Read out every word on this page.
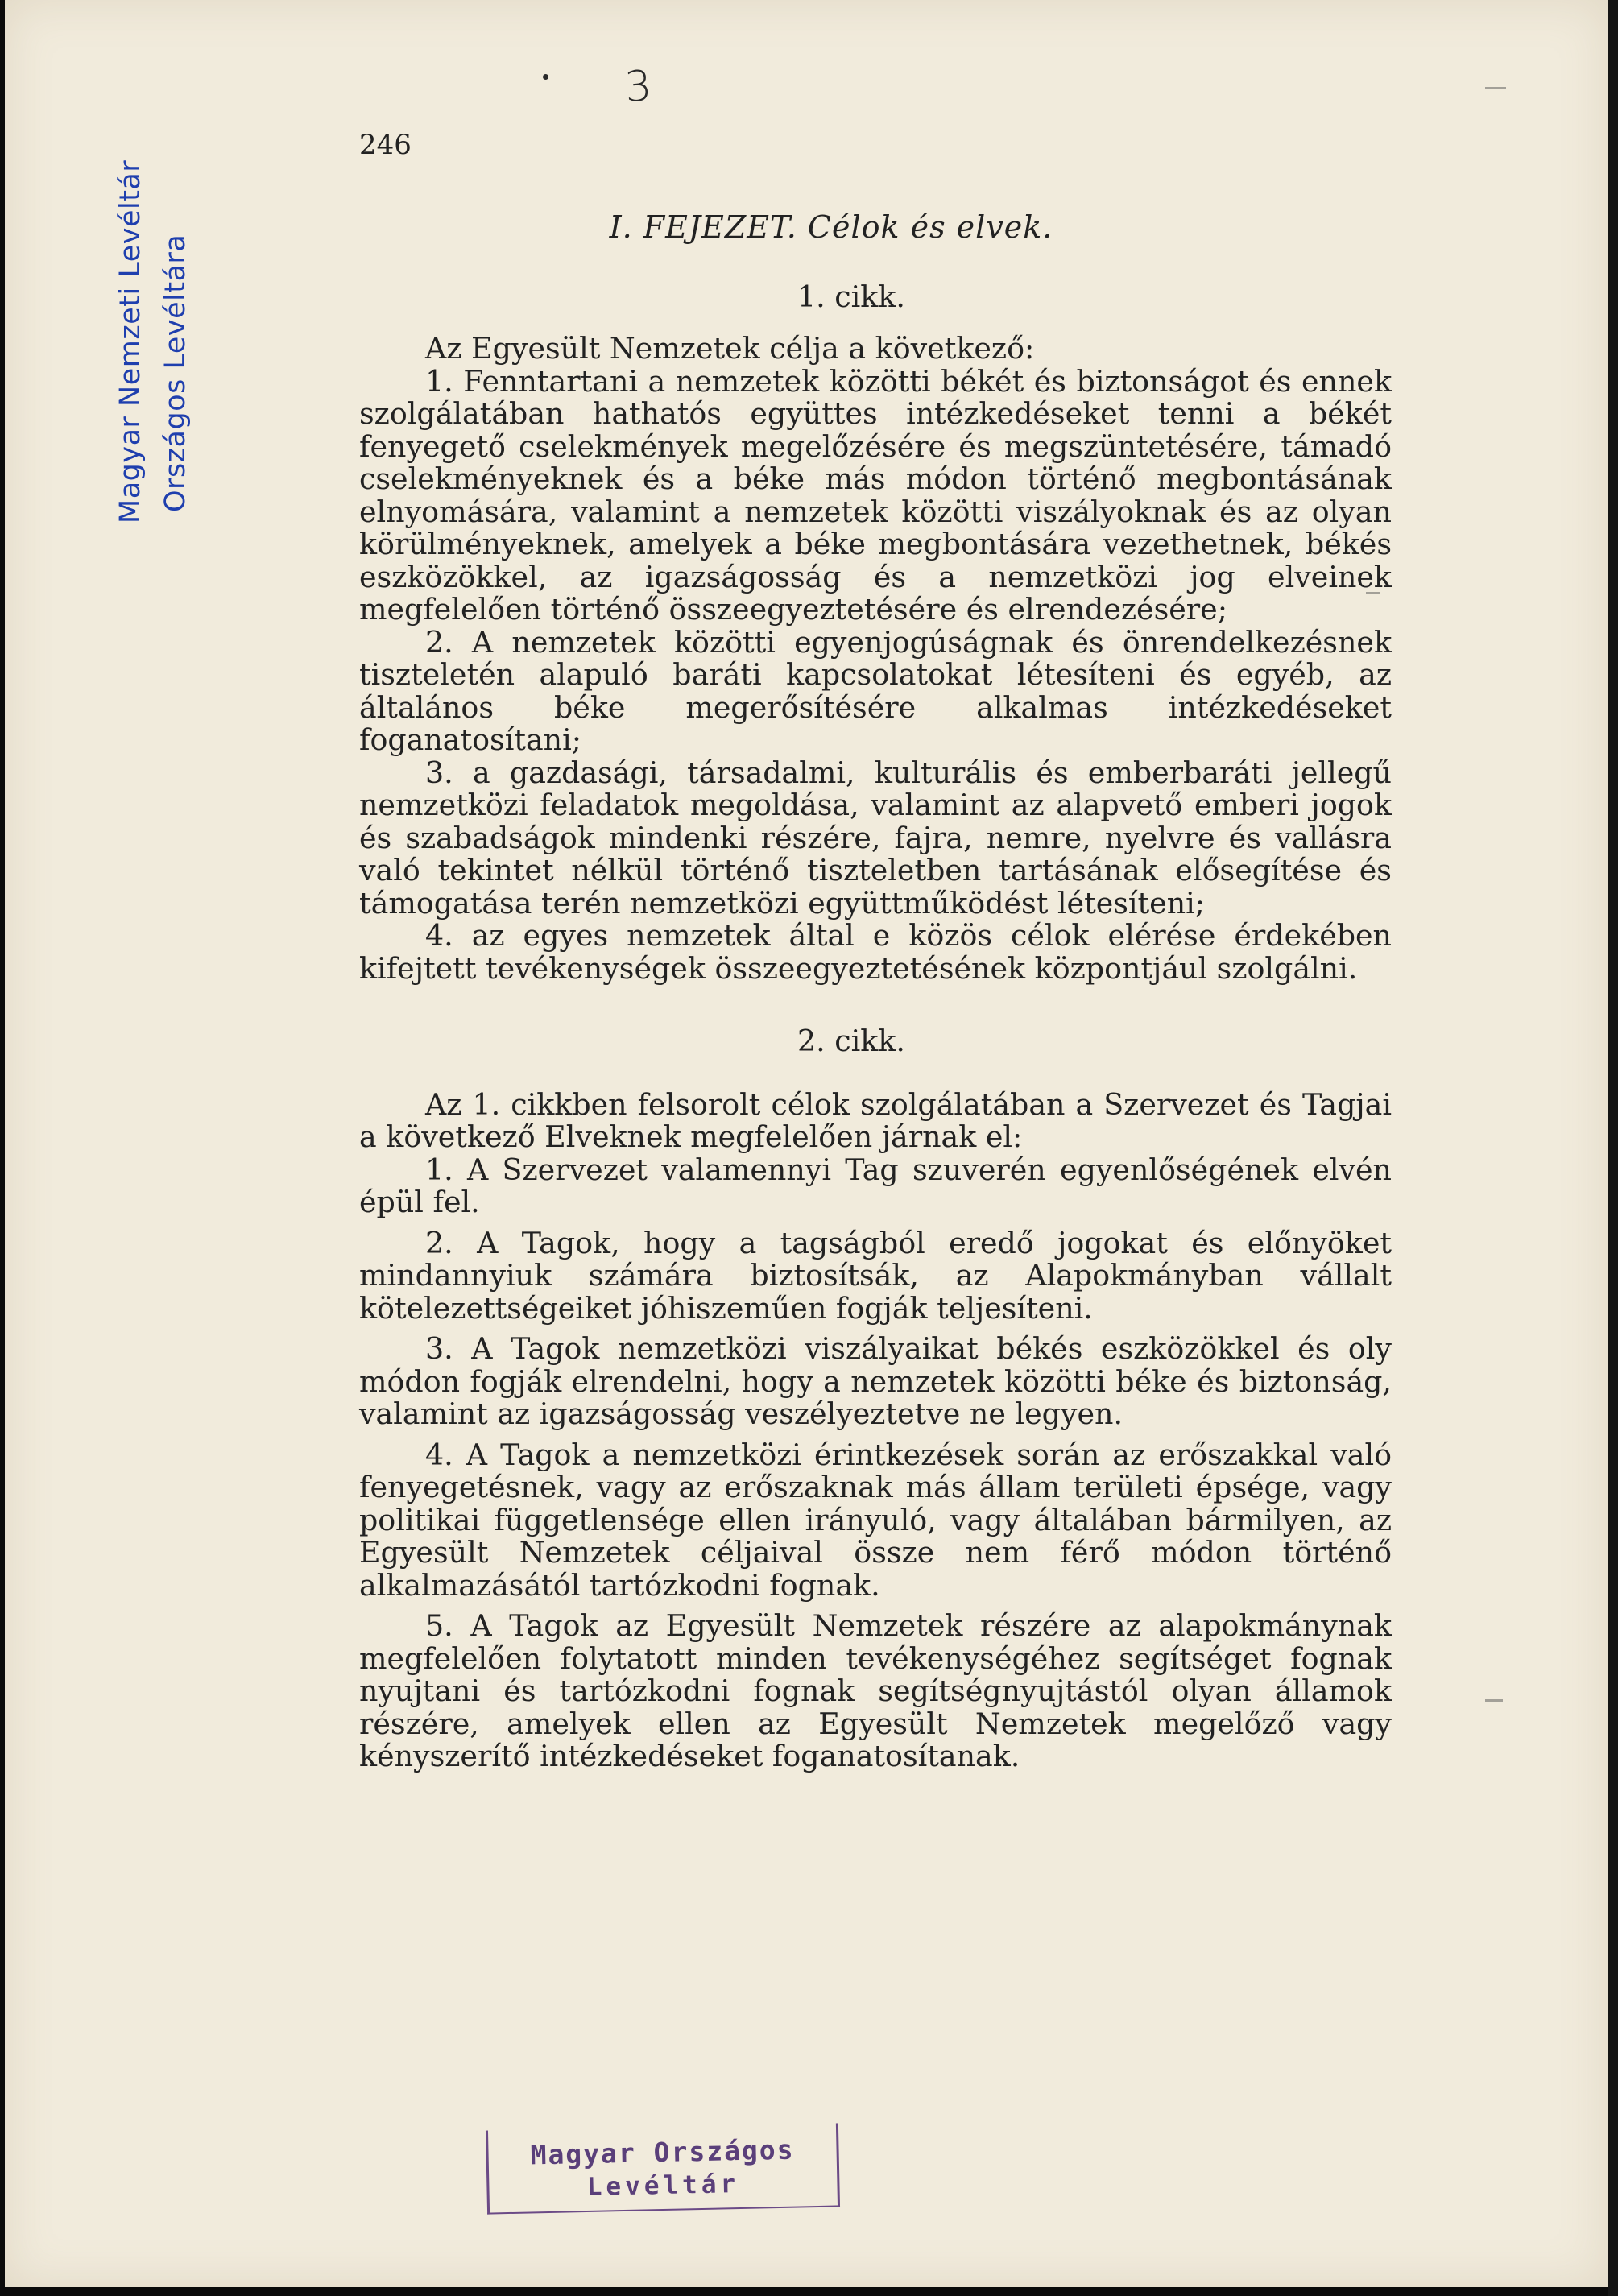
3
246
Magyar Nemzeti Levéltár Országos Levéltára
I. FEJEZET. Célok és elvek.
1. cikk.

Az Egyesült Nemzetek célja a következő:

1. Fenntartani a nemzetek közötti békét és biztonságot és ennek szolgálatában hathatós együttes intézkedéseket tenni a békét fenyegető cselekmények megelőzésére és megszüntetésére, támadó cselekményeknek és a béke más módon történő megbontásának elnyomására, valamint a nemzetek közötti viszályoknak és az olyan körülményeknek, amelyek a béke megbontására vezethetnek, békés eszközökkel, az igazságosság és a nemzetközi jog elveinek megfelelően történő összeegyeztetésére és elrendezésére;

2. A nemzetek közötti egyenjogúságnak és önrendelkezésnek tiszteletén alapuló baráti kapcsolatokat létesíteni és egyéb, az általános béke megerősítésére alkalmas intézkedéseket foganatosítani;

3. a gazdasági, társadalmi, kulturális és emberbaráti jellegű nemzetközi feladatok megoldása, valamint az alapvető emberi jogok és szabadságok mindenki részére, fajra, nemre, nyelvre és vallásra való tekintet nélkül történő tiszteletben tartásának elősegítése és támogatása terén nemzetközi együttműködést létesíteni;

4. az egyes nemzetek által e közös célok elérése érdekében kifejtett tevékenységek összeegyeztetésének központjául szolgálni.

2. cikk.

Az 1. cikkben felsorolt célok szolgálatában a Szervezet és Tagjai a következő Elveknek megfelelően járnak el:

1. A Szervezet valamennyi Tag szuverén egyenlőségének elvén épül fel.

2. A Tagok, hogy a tagságból eredő jogokat és előnyöket mindannyiuk számára biztosítsák, az Alapokmányban vállalt kötelezettségeiket jóhiszeműen fogják teljesíteni.

3. A Tagok nemzetközi viszályaikat békés eszközökkel és oly módon fogják elrendelni, hogy a nemzetek közötti béke és biztonság, valamint az igazságosság veszélyeztetve ne legyen.

4. A Tagok a nemzetközi érintkezések során az erőszakkal való fenyegetésnek, vagy az erőszaknak más állam területi épsége, vagy politikai függetlensége ellen irányuló, vagy általában bármilyen, az Egyesült Nemzetek céljaival össze nem férő módon történő alkalmazásától tartózkodni fognak.

5. A Tagok az Egyesült Nemzetek részére az alapokmánynak megfelelően folytatott minden tevékenységéhez segítséget fognak nyujtani és tartózkodni fognak segítségnyujtástól olyan államok részére, amelyek ellen az Egyesült Nemzetek megelőző vagy kényszerítő intézkedéseket foganatosítanak.

Magyar Országos
Levéltár
